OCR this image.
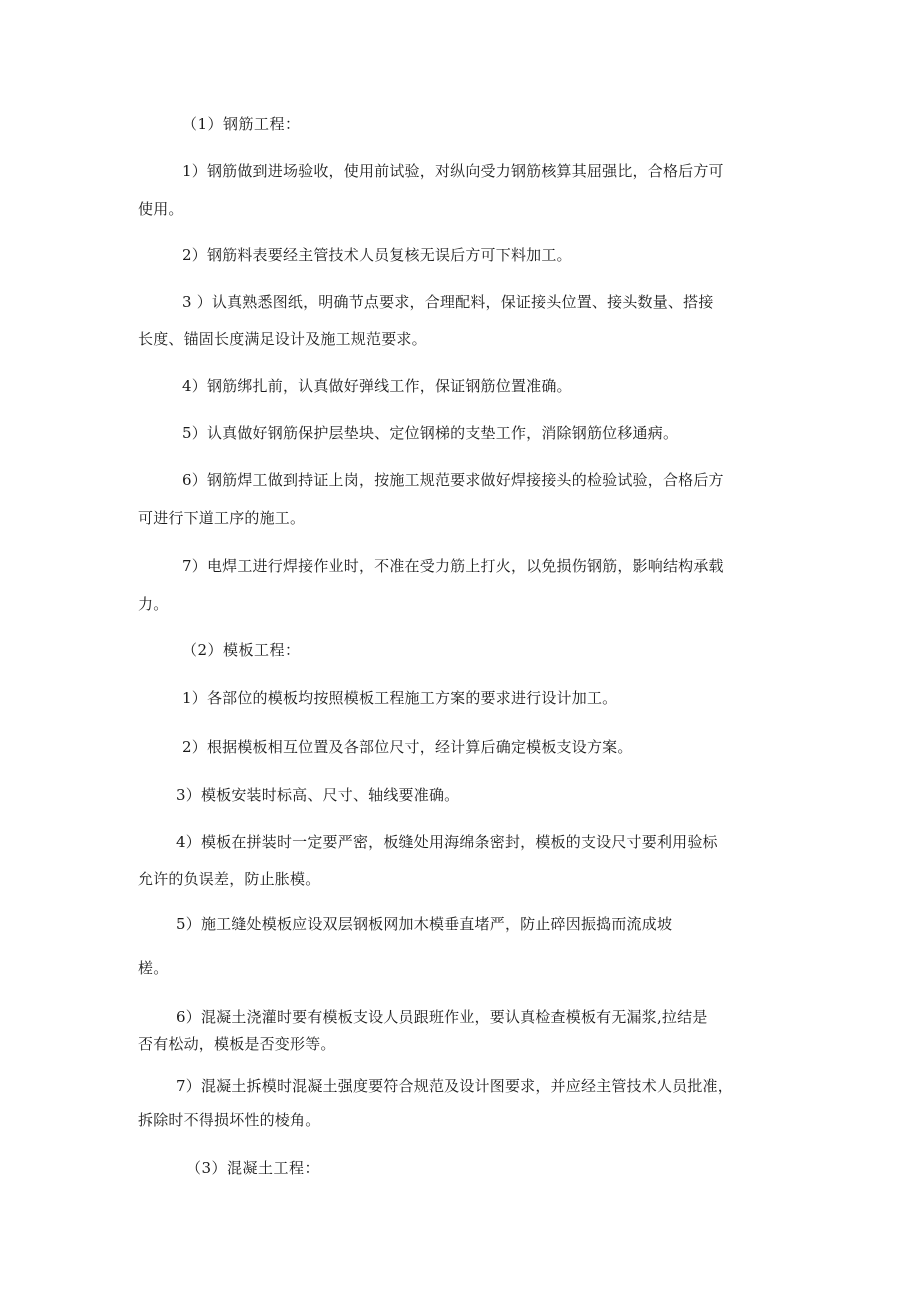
（1）钢筋工程：
1）钢筋做到进场验收，使用前试验，对纵向受力钢筋核算其屈强比，合格后方可
使用。
2）钢筋料表要经主管技术人员复核无误后方可下料加工。
3 ）认真熟悉图纸，明确节点要求，合理配料，保证接头位置、接头数量、搭接
长度、锚固长度满足设计及施工规范要求。
4）钢筋绑扎前，认真做好弹线工作，保证钢筋位置准确。
5）认真做好钢筋保护层垫块、定位钢梯的支垫工作，消除钢筋位移通病。
6）钢筋焊工做到持证上岗，按施工规范要求做好焊接接头的检验试验，合格后方
可进行下道工序的施工。
7）电焊工进行焊接作业时，不准在受力筋上打火，以免损伤钢筋，影响结构承载
力。
（2）模板工程：
1）各部位的模板均按照模板工程施工方案的要求进行设计加工。
2）根据模板相互位置及各部位尺寸，经计算后确定模板支设方案。
3）模板安装时标高、尺寸、轴线要准确。
4）模板在拼装时一定要严密，板缝处用海绵条密封，模板的支设尺寸要利用验标
允许的负误差，防止胀模。
5）施工缝处模板应设双层钢板网加木模垂直堵严，防止碎因振捣而流成坡
槎。
6）混凝土浇灌时要有模板支设人员跟班作业，要认真检查模板有无漏浆,拉结是
否有松动，模板是否变形等。
7）混凝土拆模时混凝土强度要符合规范及设计图要求，并应经主管技术人员批准，
拆除时不得损坏性的棱角。
（3）混凝土工程：
